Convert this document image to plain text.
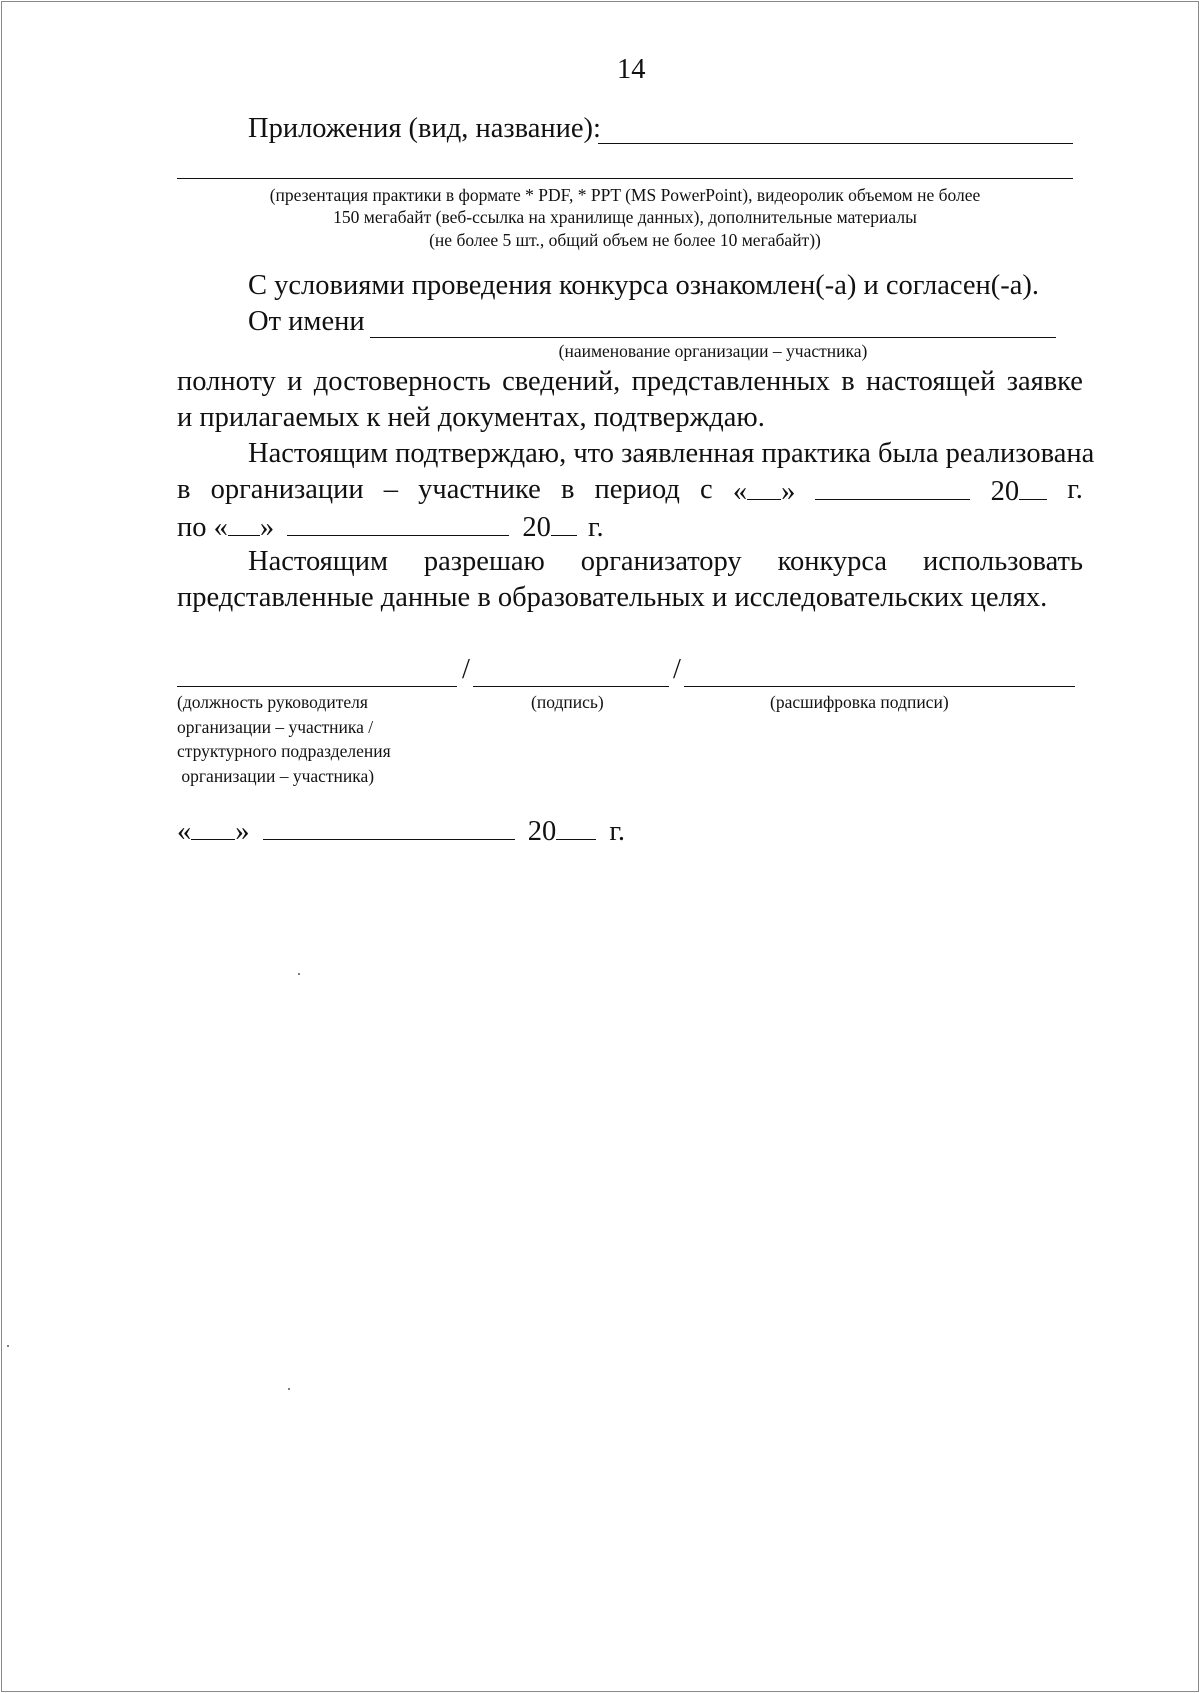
14
Приложения (вид, название):
(презентация практики в формате * PDF, * PPT (MS PowerPoint), видеоролик объемом не более
150 мегабайт (веб-ссылка на хранилище данных), дополнительные материалы
(не более 5 шт., общий объем не более 10 мегабайт))
С условиями проведения конкурса ознакомлен(-а) и согласен(-а).
От имени
(наименование организации – участника)
полноту и достоверность сведений, представленных в настоящей заявке
и прилагаемых к ней документах, подтверждаю.
Настоящим подтверждаю, что заявленная практика была реализована
в организации – участнике в период с « »	20	г.
по « »	20 г.
Настоящим разрешаю организатору конкурса использовать
представленные данные в образовательных и исследовательских целях.
/	/
(должность руководителя
организации – участника /
структурного подразделения
организации – участника)
(подпись)	(расшифровка подписи)
« »	20 г.
